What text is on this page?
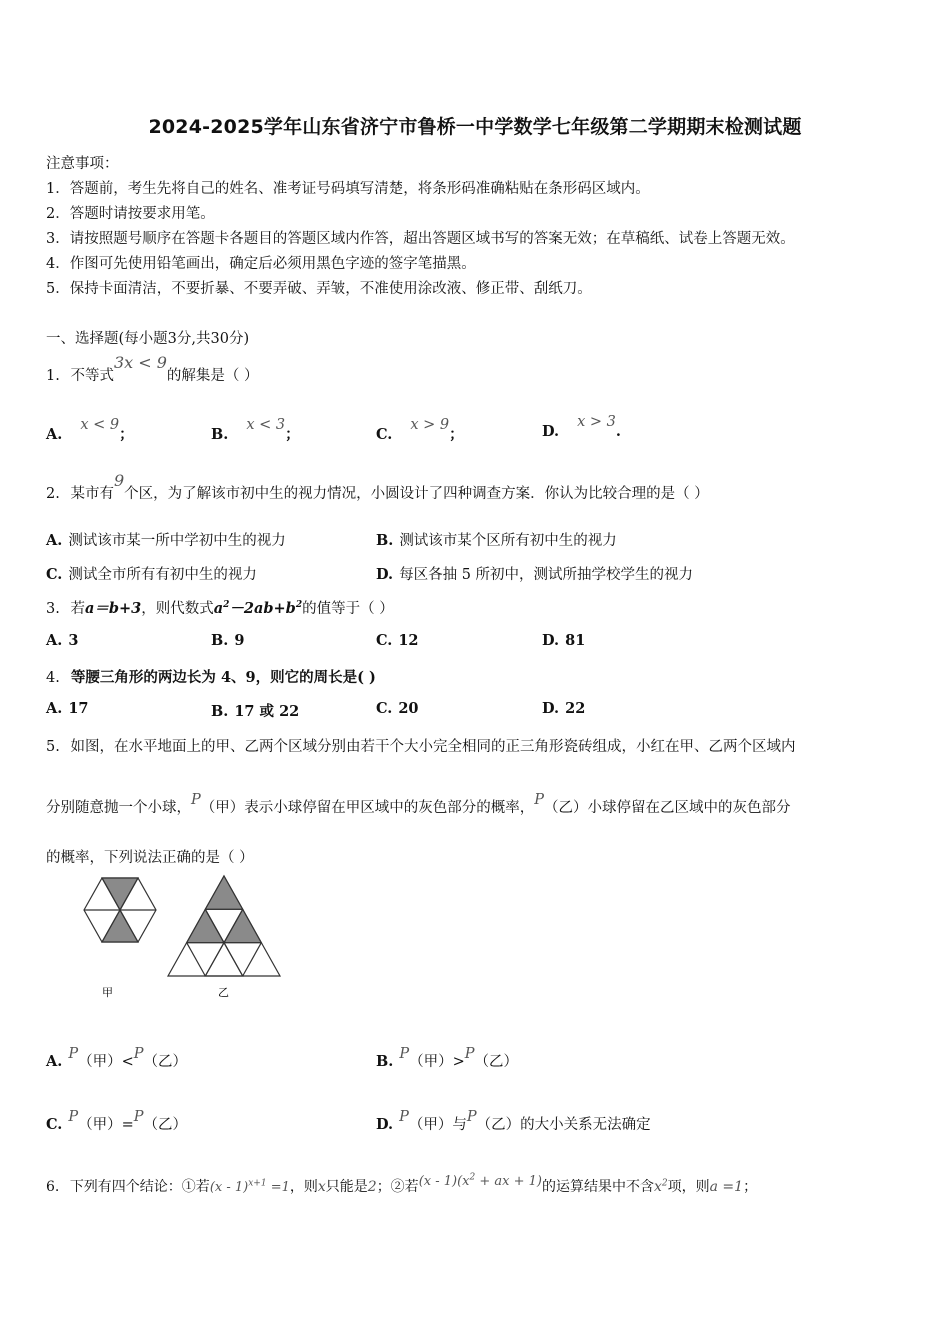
2024-2025学年山东省济宁市鲁桥一中学数学七年级第二学期期末检测试题
注意事项：
1．答题前，考生先将自己的姓名、准考证号码填写清楚，将条形码准确粘贴在条形码区域内。
2．答题时请按要求用笔。
3．请按照题号顺序在答题卡各题目的答题区域内作答，超出答题区域书写的答案无效；在草稿纸、试卷上答题无效。
4．作图可先使用铅笔画出，确定后必须用黑色字迹的签字笔描黑。
5．保持卡面清洁，不要折暴、不要弄破、弄皱，不准使用涂改液、修正带、刮纸刀。
一、选择题(每小题3分,共30分)
1. 不等式3x < 9的解集是（ ）
A.x < 9；	B.x < 3；	C.x > 9；	D.x > 3.
2. 某市有9个区，为了解该市初中生的视力情况，小圆设计了四种调查方案．你认为比较合理的是（ ）
A. 测试该市某一所中学初中生的视力	B. 测试该市某个区所有初中生的视力
C. 测试全市所有有初中生的视力	D. 每区各抽 5 所初中，测试所抽学校学生的视力
3. 若a＝b+3，则代数式$a^2-2ab+b^2$的值等于（ ）
A. 3	B. 9	C. 12	D. 81
4. 等腰三角形的两边长为 4、9，则它的周长是( )
A. 17	B. 17 或 22	C. 20	D. 22
5. 如图，在水平地面上的甲、乙两个区域分别由若干个大小完全相同的正三角形瓷砖组成，小红在甲、乙两个区域内
分别随意抛一个小球，P（甲）表示小球停留在甲区域中的灰色部分的概率，P（乙）小球停留在乙区域中的灰色部分
的概率，下列说法正确的是（ ）
甲	乙
A. P（甲）<P（乙）	B. P（甲）>P（乙）
C. P（甲）=P（乙）	D. P（甲）与P（乙）的大小关系无法确定
6. 下列有四个结论：①若(x - 1)$^{x+1}$ =1，则x只能是2；②若$(x - 1)(x^2$ + ax + 1)的运算结果中不含$x^2$项，则a =1；
